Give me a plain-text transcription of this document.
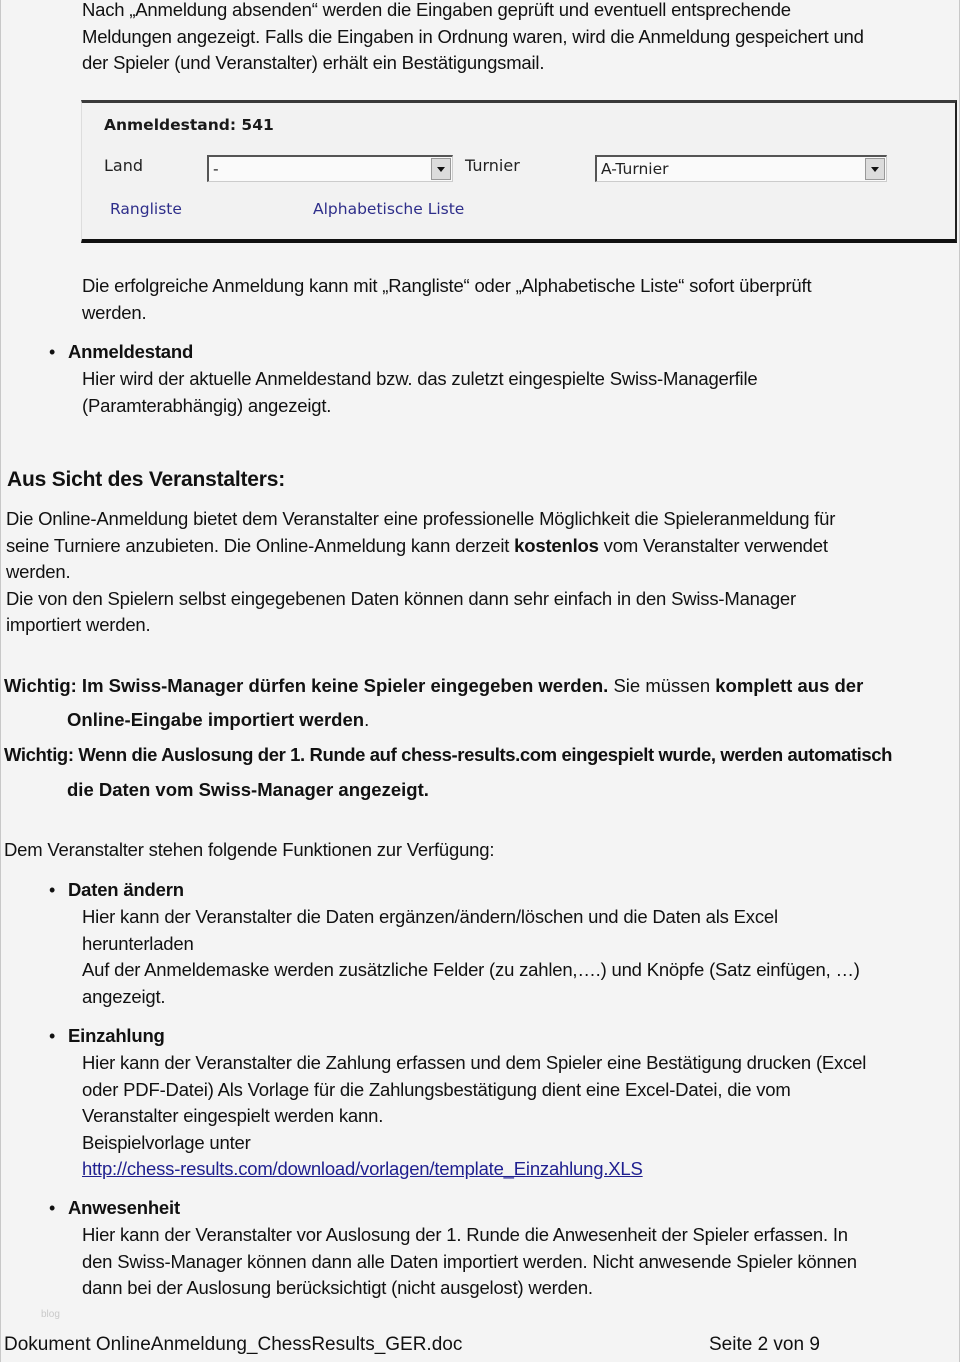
Nach „Anmeldung absenden“ werden die Eingaben geprüft und eventuell entsprechende
Meldungen angezeigt. Falls die Eingaben in Ordnung waren, wird die Anmeldung gespeichert und
der Spieler (und Veranstalter) erhält ein Bestätigungsmail.
Anmeldestand: 541
Land	-	Turnier	A-Turnier
Rangliste	Alphabetische Liste
Die erfolgreiche Anmeldung kann mit „Rangliste“ oder „Alphabetische Liste“ sofort überprüft
werden.
• Anmeldestand
Hier wird der aktuelle Anmeldestand bzw. das zuletzt eingespielte Swiss-Managerfile
(Paramterabhängig) angezeigt.
Aus Sicht des Veranstalters:
Die Online-Anmeldung bietet dem Veranstalter eine professionelle Möglichkeit die Spieleranmeldung für
seine Turniere anzubieten. Die Online-Anmeldung kann derzeit kostenlos vom Veranstalter verwendet
werden.
Die von den Spielern selbst eingegebenen Daten können dann sehr einfach in den Swiss-Manager
importiert werden.
Wichtig: Im Swiss-Manager dürfen keine Spieler eingegeben werden. Sie müssen komplett aus der
Online-Eingabe importiert werden.
Wichtig: Wenn die Auslosung der 1. Runde auf chess-results.com eingespielt wurde, werden automatisch
die Daten vom Swiss-Manager angezeigt.
Dem Veranstalter stehen folgende Funktionen zur Verfügung:
• Daten ändern
Hier kann der Veranstalter die Daten ergänzen/ändern/löschen und die Daten als Excel
herunterladen
Auf der Anmeldemaske werden zusätzliche Felder (zu zahlen,….) und Knöpfe (Satz einfügen, …)
angezeigt.
• Einzahlung
Hier kann der Veranstalter die Zahlung erfassen und dem Spieler eine Bestätigung drucken (Excel
oder PDF-Datei) Als Vorlage für die Zahlungsbestätigung dient eine Excel-Datei, die vom
Veranstalter eingespielt werden kann.
Beispielvorlage unter
http://chess-results.com/download/vorlagen/template_Einzahlung.XLS
• Anwesenheit
Hier kann der Veranstalter vor Auslosung der 1. Runde die Anwesenheit der Spieler erfassen. In
den Swiss-Manager können dann alle Daten importiert werden. Nicht anwesende Spieler können
dann bei der Auslosung berücksichtigt (nicht ausgelost) werden.
blog
Dokument OnlineAnmeldung_ChessResults_GER.doc	Seite 2 von 9
